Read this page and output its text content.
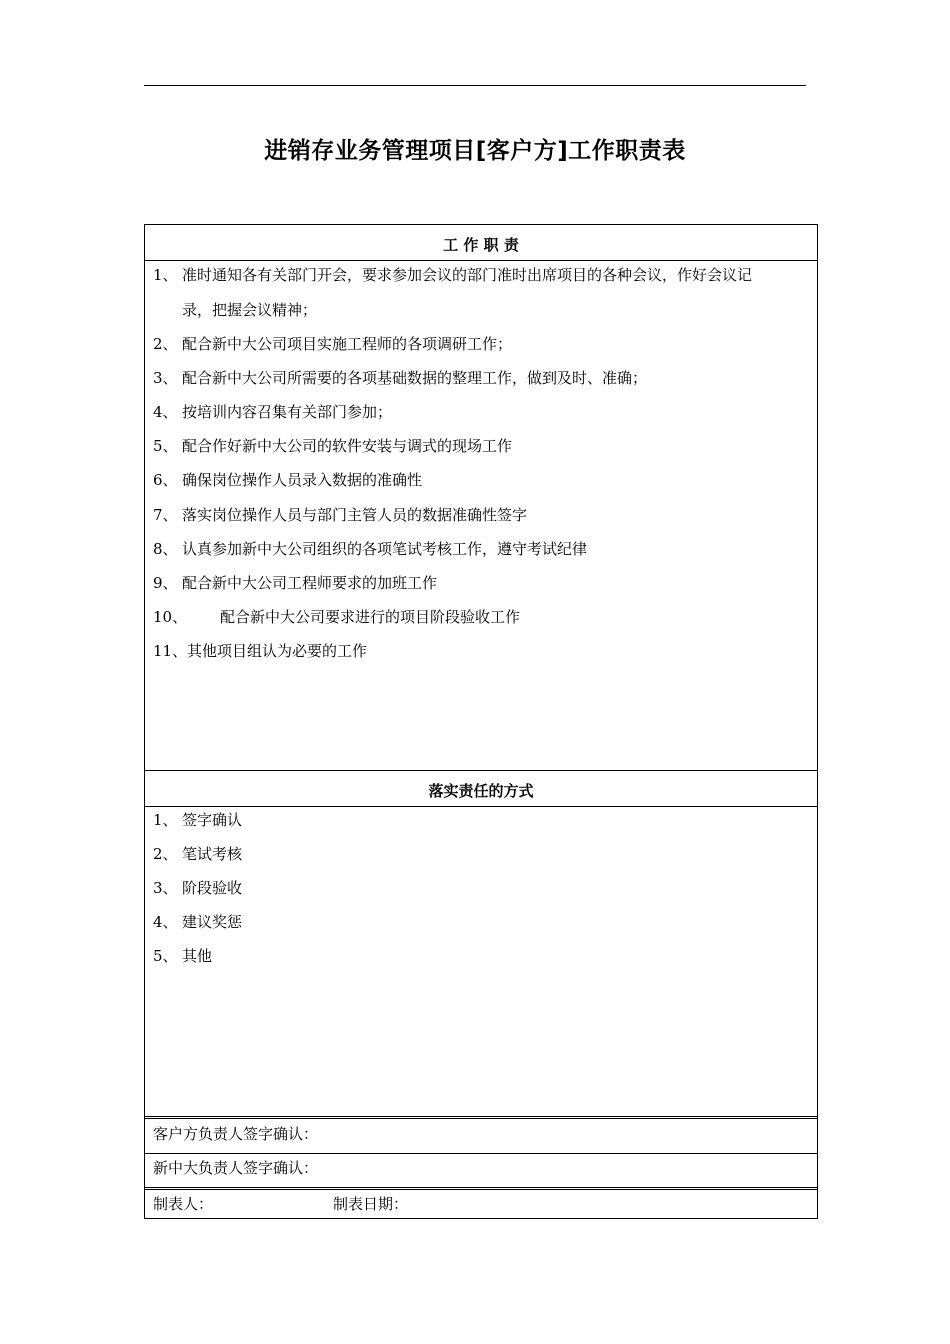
进销存业务管理项目[客户方]工作职责表
工 作 职 责
1、 准时通知各有关部门开会，要求参加会议的部门准时出席项目的各种会议，作好会议记
录，把握会议精神；
2、 配合新中大公司项目实施工程师的各项调研工作；
3、 配合新中大公司所需要的各项基础数据的整理工作，做到及时、准确；
4、 按培训内容召集有关部门参加；
5、 配合作好新中大公司的软件安装与调式的现场工作
6、 确保岗位操作人员录入数据的准确性
7、 落实岗位操作人员与部门主管人员的数据准确性签字
8、 认真参加新中大公司组织的各项笔试考核工作，遵守考试纪律
9、 配合新中大公司工程师要求的加班工作
10、 配合新中大公司要求进行的项目阶段验收工作
11、其他项目组认为必要的工作
落实责任的方式
1、 签字确认
2、 笔试考核
3、 阶段验收
4、 建议奖惩
5、 其他
客户方负责人签字确认：
新中大负责人签字确认：
制表人：	制表日期：
